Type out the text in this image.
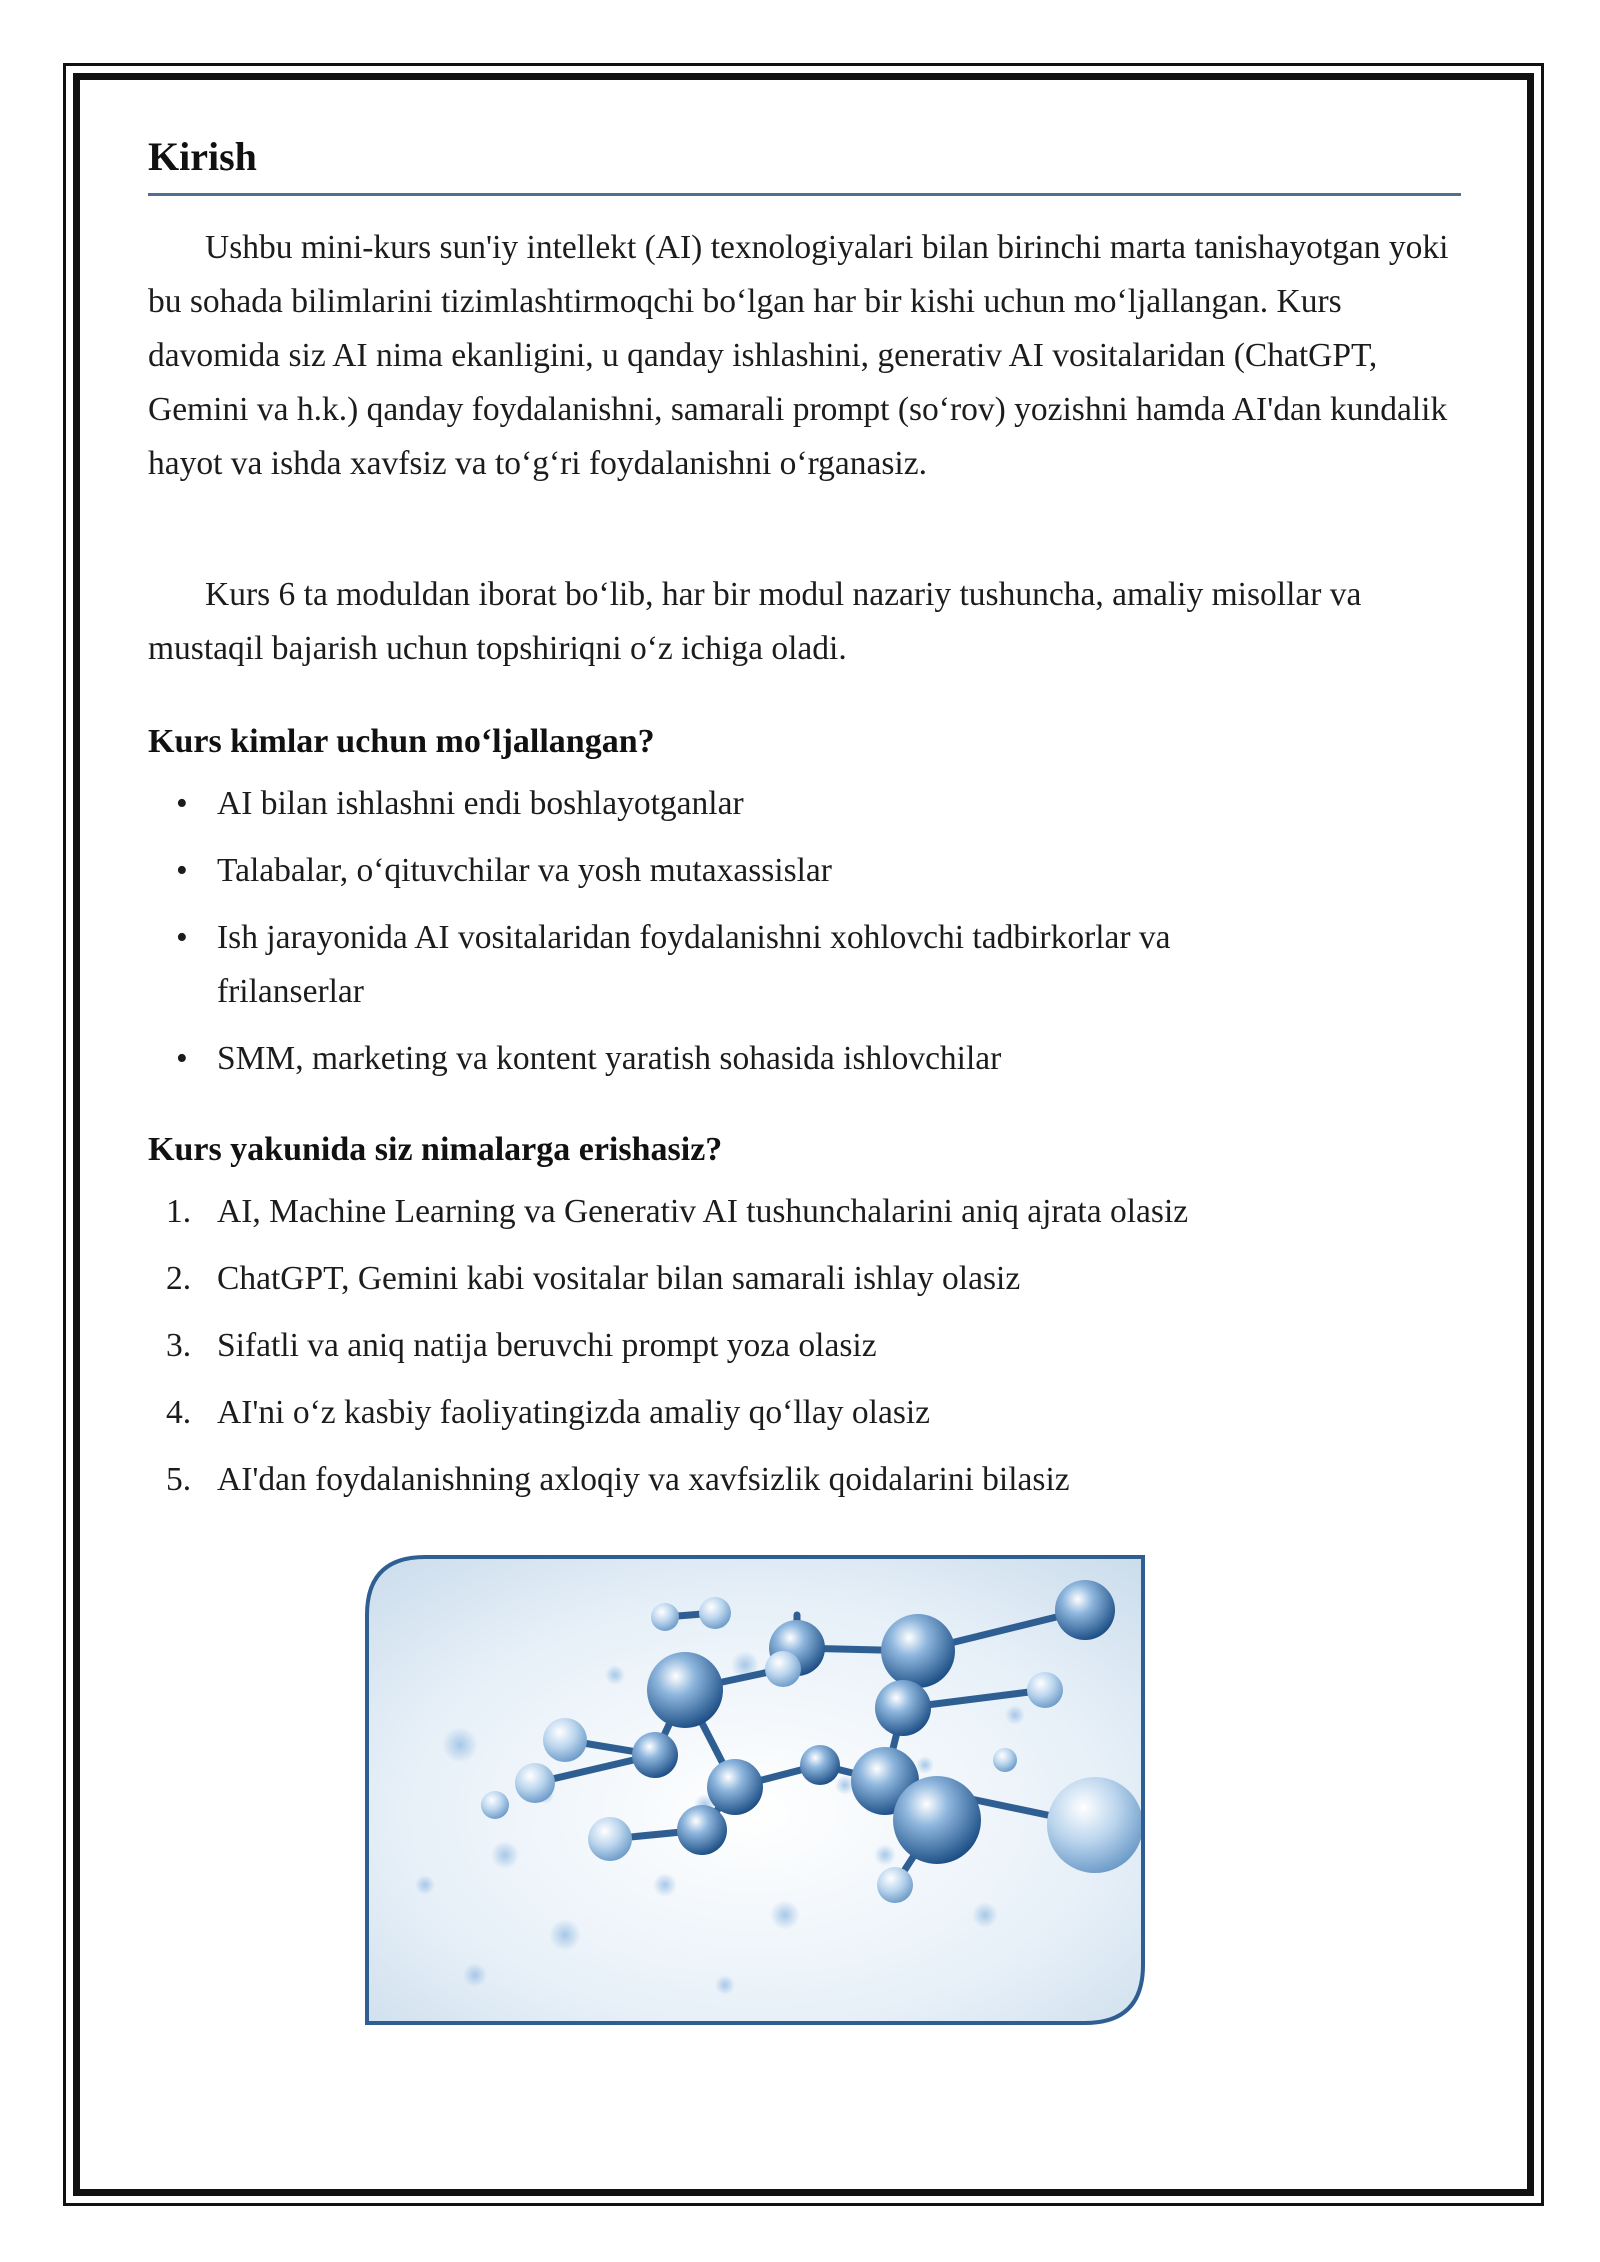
Kirish

Ushbu mini-kurs sun'iy intellekt (AI) texnologiyalari bilan birinchi marta tanishayotgan yoki bu sohada bilimlarini tizimlashtirmoqchi bo‘lgan har bir kishi uchun mo‘ljallangan. Kurs davomida siz AI nima ekanligini, u qanday ishlashini, generativ AI vositalaridan (ChatGPT, Gemini va h.k.) qanday foydalanishni, samarali prompt (so‘rov) yozishni hamda AI'dan kundalik hayot va ishda xavfsiz va to‘g‘ri foydalanishni o‘rganasiz.

Kurs 6 ta moduldan iborat bo‘lib, har bir modul nazariy tushuncha, amaliy misollar va mustaqil bajarish uchun topshiriqni o‘z ichiga oladi.

Kurs kimlar uchun mo‘ljallangan?
• AI bilan ishlashni endi boshlayotganlar
• Talabalar, o‘qituvchilar va yosh mutaxassislar
• Ish jarayonida AI vositalaridan foydalanishni xohlovchi tadbirkorlar va frilanserlar
• SMM, marketing va kontent yaratish sohasida ishlovchilar
Kurs yakunida siz nimalarga erishasiz?
1. AI, Machine Learning va Generativ AI tushunchalarini aniq ajrata olasiz
2. ChatGPT, Gemini kabi vositalar bilan samarali ishlay olasiz
3. Sifatli va aniq natija beruvchi prompt yoza olasiz
4. AI'ni o‘z kasbiy faoliyatingizda amaliy qo‘llay olasiz
5. AI'dan foydalanishning axloqiy va xavfsizlik qoidalarini bilasiz
